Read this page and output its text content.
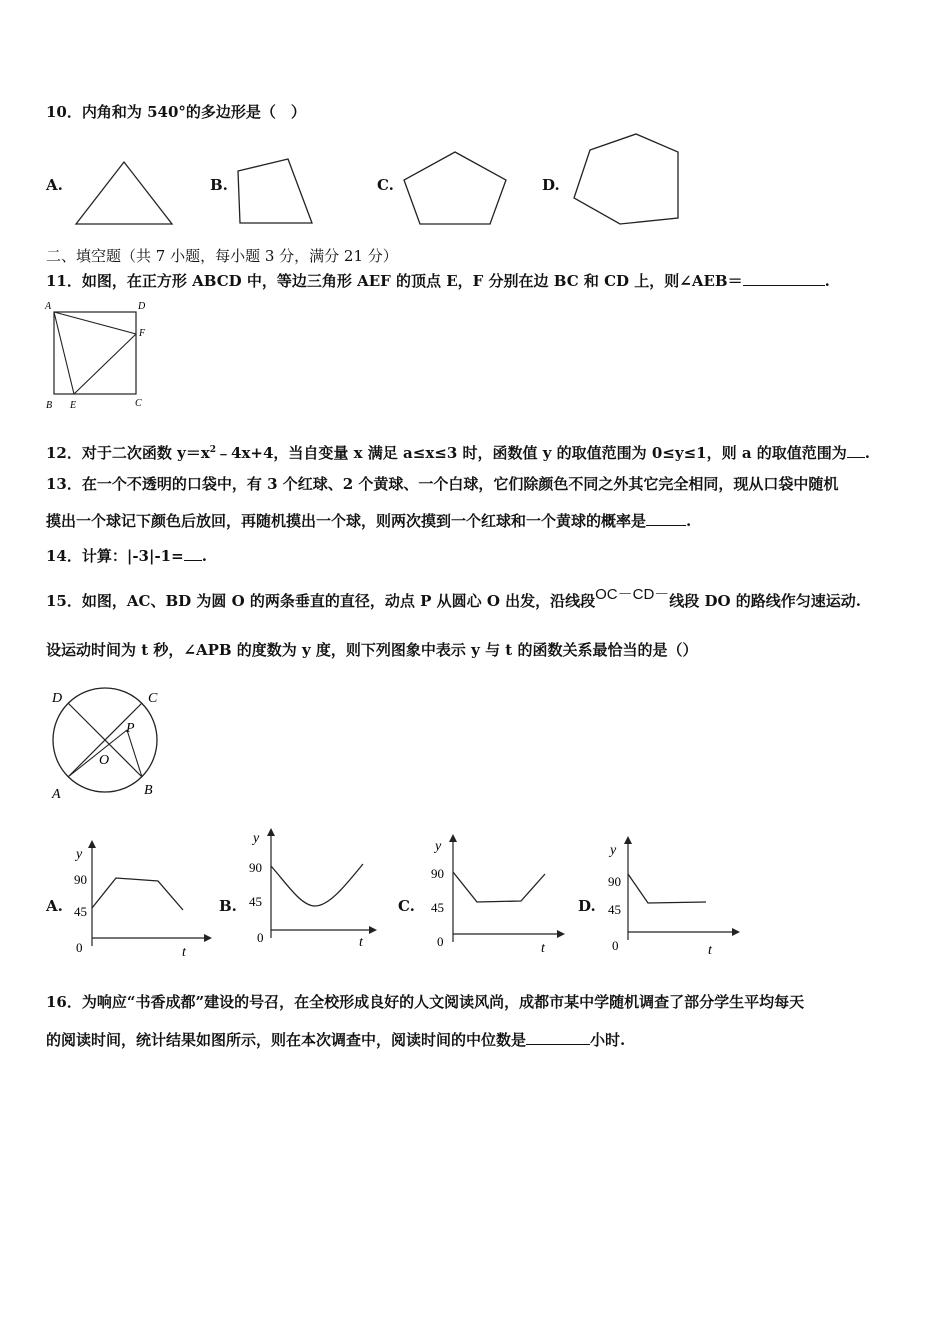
10．内角和为 540°的多边形是（　）
A.	B.	C.	D.
二、填空题（共 7 小题，每小题 3 分，满分 21 分）
11．如图，在正方形 ABCD 中，等边三角形 AEF 的顶点 E，F 分别在边 BC 和 CD 上，则∠AEB＝	.
A	D
F
B E	C
12．对于二次函数 $y=x^2﹣4x+4$，当自变量 x 满足 a≤x≤3 时，函数值 y 的取值范围为 0≤y≤1，则 a 的取值范围为 .
13．在一个不透明的口袋中，有 3 个红球、2 个黄球、一个白球，它们除颜色不同之外其它完全相同，现从口袋中随机
摸出一个球记下颜色后放回，再随机摸出一个球，则两次摸到一个红球和一个黄球的概率是	.
14．计算：|-3|-1= .
15．如图，AC、BD 为圆 O 的两条垂直的直径，动点 P 从圆心 O 出发，沿线段OC－CD－线段 DO 的路线作匀速运动.
设运动时间为 t 秒，∠APB 的度数为 y 度，则下列图象中表示 y 与 t 的函数关系最恰当的是（）
D	C
P
O
A	B
A.
y
90
45
0	t
B.
y
90
45
0	t
C.
y
90
45
0	t
D.
y
90
45
0	t
16．为响应“书香成都”建设的号召，在全校形成良好的人文阅读风尚，成都市某中学随机调查了部分学生平均每天
的阅读时间，统计结果如图所示，则在本次调查中，阅读时间的中位数是	小时.
